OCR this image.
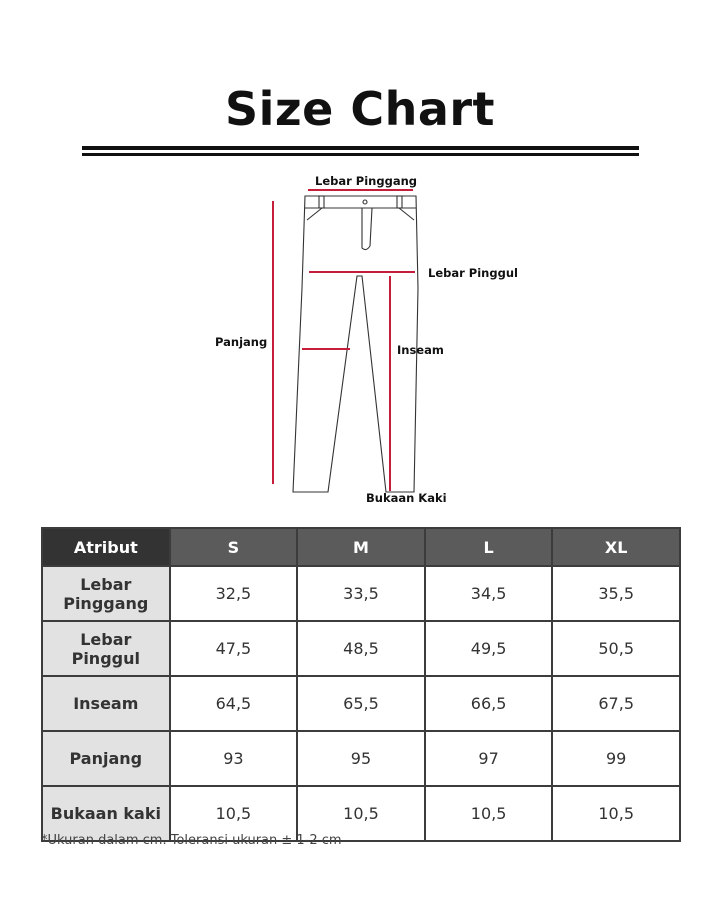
Size Chart
Lebar Pinggang
Lebar Pinggul
Panjang
Inseam
Bukaan Kaki
Atribut	S	M	L	XL
Lebar Pinggang	32,5	33,5	34,5	35,5
Lebar Pinggul	47,5	48,5	49,5	50,5
Inseam	64,5	65,5	66,5	67,5
Panjang	93	95	97	99
Bukaan kaki	10,5	10,5	10,5	10,5
*Ukuran dalam cm. Toleransi ukuran ± 1-2 cm
